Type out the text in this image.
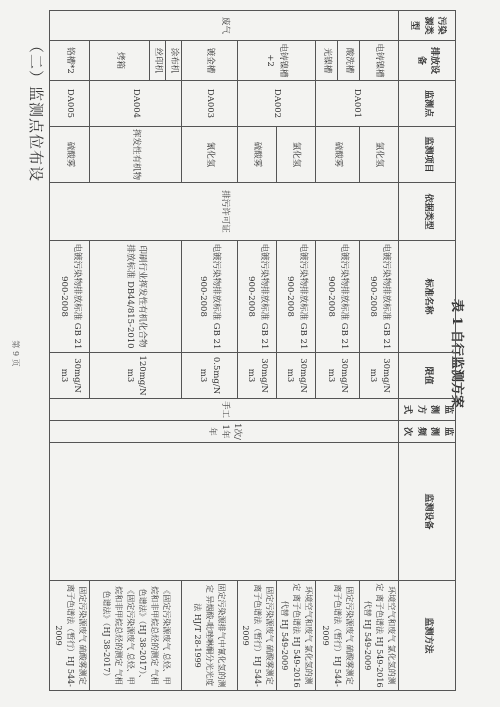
（二）监测点位布设
表 1 自行监测方案
污染源类型	排放设备	监测点	监测项目	依据类型	标准名称	限值	监测方式	监测频次	监测设备	监测方法
废气	电铸镍槽	DA001	氯化氢	排污许可证	电镀污染物排放标准 GB 21900-2008	30mg/Nm3	手工	1次/1年年		环境空气和废气 氯化氢的测定 离子色谱法 HJ 549-2016 代替 HJ 549-2009
	酸洗槽		硫酸雾		电镀污染物排放标准 GB 21900-2008	30mg/Nm3				固定污染源废气 硫酸雾测定 离子色谱法（暂行）HJ 544-2009
	光镍槽									
	电铸镍槽+2	DA002	氯化氢		电镀污染物排放标准 GB 21900-2008	30mg/Nm3				环境空气和废气 氯化氢的测定 离子色谱法 HJ 549-2016 代替 HJ 549-2009
			硫酸雾		电镀污染物排放标准 GB 21900-2008	30mg/Nm3				固定污染源废气 硫酸雾测定 离子色谱法（暂行）HJ 544-2009
	镀金槽	DA003	氰化氢		电镀污染物排放标准 GB 21900-2008	0.5mg/Nm3				固定污染源排气中氰化氢的测定 异烟酸-吡唑啉酮分光光度法 HJ/T 28-1999
	涂布机	DA004	挥发性有机物		印刷行业挥发性有机化合物排放标准 DB44/815-2010	120mg/Nm3				《固定污染源废气 总烃、甲烷和非甲烷总烃的测定 气相色谱法》（HJ 38-2017）、《固定污染源废气 总烃、甲烷和非甲烷总烃的测定 气相色谱法》（HJ 38-2017）
	丝印机									
	烤箱									
	铬槽*2	DA005	硫酸雾		电镀污染物排放标准 GB 21900-2008	30mg/Nm3				固定污染源废气 硫酸雾测定 离子色谱法（暂行）HJ 544-2009
第 9 页
